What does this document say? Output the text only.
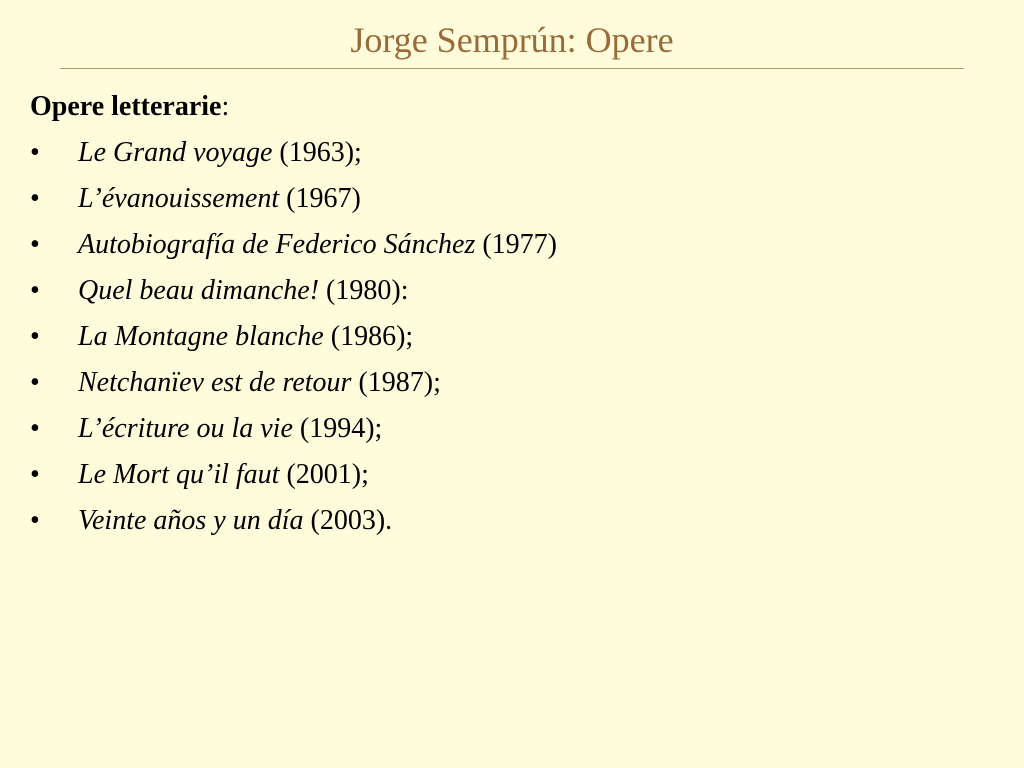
Jorge Semprún: Opere
Opere letterarie:
• Le Grand voyage (1963);
• L’évanouissement (1967)
• Autobiografía de Federico Sánchez (1977)
• Quel beau dimanche! (1980):
• La Montagne blanche (1986);
• Netchanïev est de retour (1987);
• L’écriture ou la vie (1994);
• Le Mort qu’il faut (2001);
• Veinte años y un día (2003).
